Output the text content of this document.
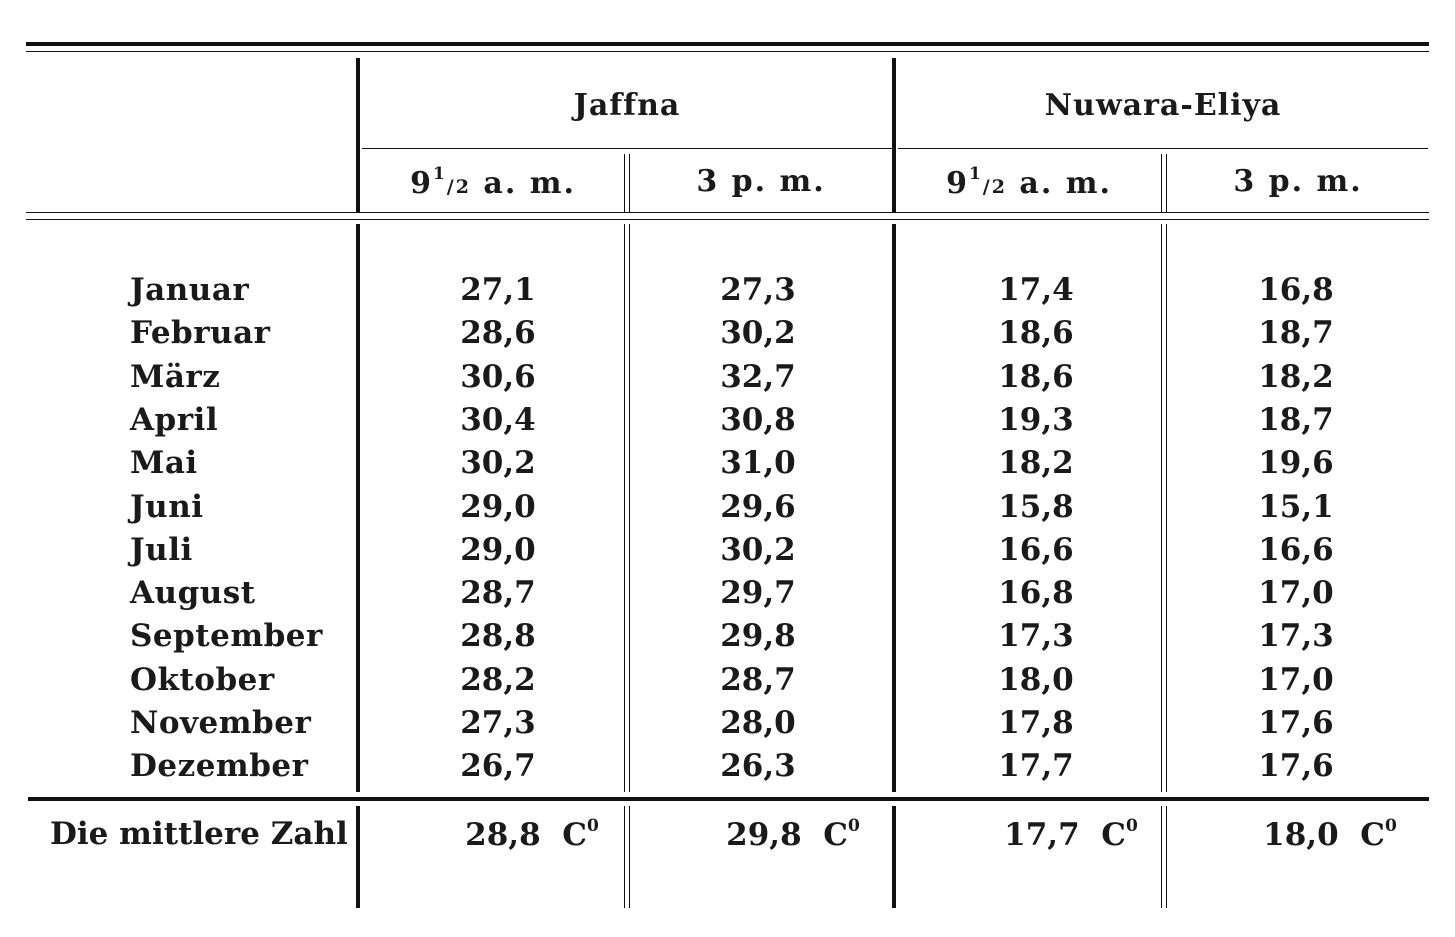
Jaffna	Nuwara-Eliya
$9^1/2$ a. m.	3 p. m.	$9^1/2$ a. m.	3 p. m.
Januar	27,1	27,3	17,4	16,8
Februar	28,6	30,2	18,6	18,7
März	30,6	32,7	18,6	18,2
April	30,4	30,8	19,3	18,7
Mai	30,2	31,0	18,2	19,6
Juni	29,0	29,6	15,8	15,1
Juli	29,0	30,2	16,6	16,6
August	28,7	29,7	16,8	17,0
September	28,8	29,8	17,3	17,3
Oktober	28,2	28,7	18,0	17,0
November	27,3	28,0	17,8	17,6
Dezember	26,7	26,3	17,7	17,6
Die mittlere Zahl	28,8 $C^0$	29,8 $C^0$	17,7 $C^0$	18,0 $C^0$
